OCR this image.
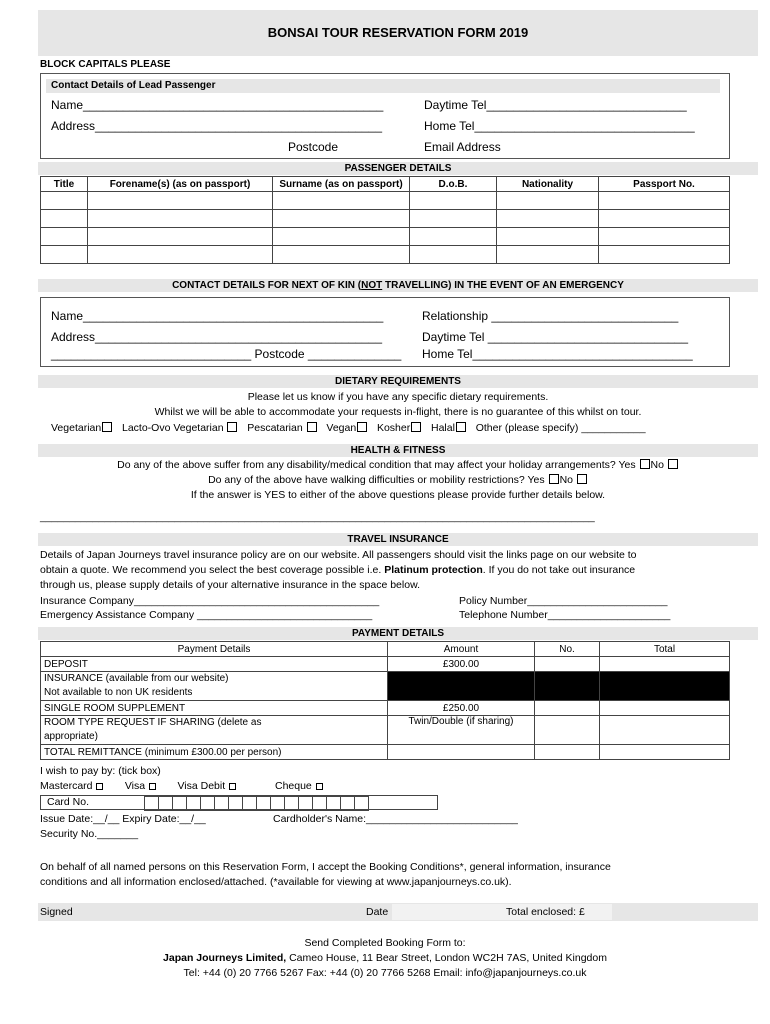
BONSAI TOUR RESERVATION FORM 2019
BLOCK CAPITALS PLEASE
Contact Details of Lead Passenger
Name_____________________________________________
Address___________________________________________
Postcode
Daytime Tel______________________________
Home Tel_________________________________
Email Address
PASSENGER DETAILS
Title	Forename(s) (as on passport)	Surname (as on passport)	D.o.B.	Nationality	Passport No.

CONTACT DETAILS FOR NEXT OF KIN (NOT TRAVELLING) IN THE EVENT OF AN EMERGENCY
Name_____________________________________________
Address___________________________________________
______________________________ Postcode ______________
Relationship ____________________________
Daytime Tel ______________________________
Home Tel_________________________________
DIETARY REQUIREMENTS
Please let us know if you have any specific dietary requirements.
Whilst we will be able to accommodate your requests in-flight, there is no guarantee of this whilst on tour.
Vegetarian Lacto-Ovo Vegetarian Pescatarian Vegan Kosher Halal Other (please specify) ___________
HEALTH & FITNESS
Do any of the above suffer from any disability/medical condition that may affect your holiday arrangements? Yes No
Do any of the above have walking difficulties or mobility restrictions? Yes No
If the answer is YES to either of the above questions please provide further details below.
_______________________________________________________________________________________________
TRAVEL INSURANCE
Details of Japan Journeys travel insurance policy are on our website. All passengers should visit the links page on our website to
obtain a quote. We recommend you select the best coverage possible i.e. Platinum protection. If you do not take out insurance
through us, please supply details of your alternative insurance in the space below.
Insurance Company__________________________________________	Policy Number________________________
Emergency Assistance Company ______________________________	Telephone Number_____________________
PAYMENT DETAILS
Payment Details	Amount	No.	Total
DEPOSIT	£300.00		
INSURANCE (available from our website)
Not available to non UK residents			
SINGLE ROOM SUPPLEMENT	£250.00		
ROOM TYPE REQUEST IF SHARING (delete as
appropriate)	Twin/Double (if sharing)		
TOTAL REMITTANCE (minimum £300.00 per person)			
I wish to pay by: (tick box)
Mastercard	Visa	Visa Debit	Cheque
Card No.
Issue Date:__/__ Expiry Date:__/__	Cardholder's Name:__________________________
Security No._______
On behalf of all named persons on this Reservation Form, I accept the Booking Conditions*, general information, insurance
conditions and all information enclosed/attached. (*available for viewing at www.japanjourneys.co.uk).
Signed	Date	Total enclosed: £
Send Completed Booking Form to:
Japan Journeys Limited, Cameo House, 11 Bear Street, London WC2H 7AS, United Kingdom
Tel: +44 (0) 20 7766 5267 Fax: +44 (0) 20 7766 5268 Email: info@japanjourneys.co.uk
